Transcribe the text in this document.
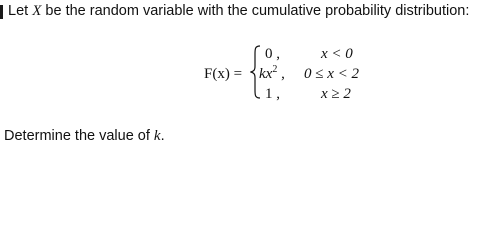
Let X be the random variable with the cumulative probability distribution:
F(x) =
0 ,	x < 0
$kx^2$ , 0 ≤ x < 2
1 ,	x ≥ 2
Determine the value of k.
